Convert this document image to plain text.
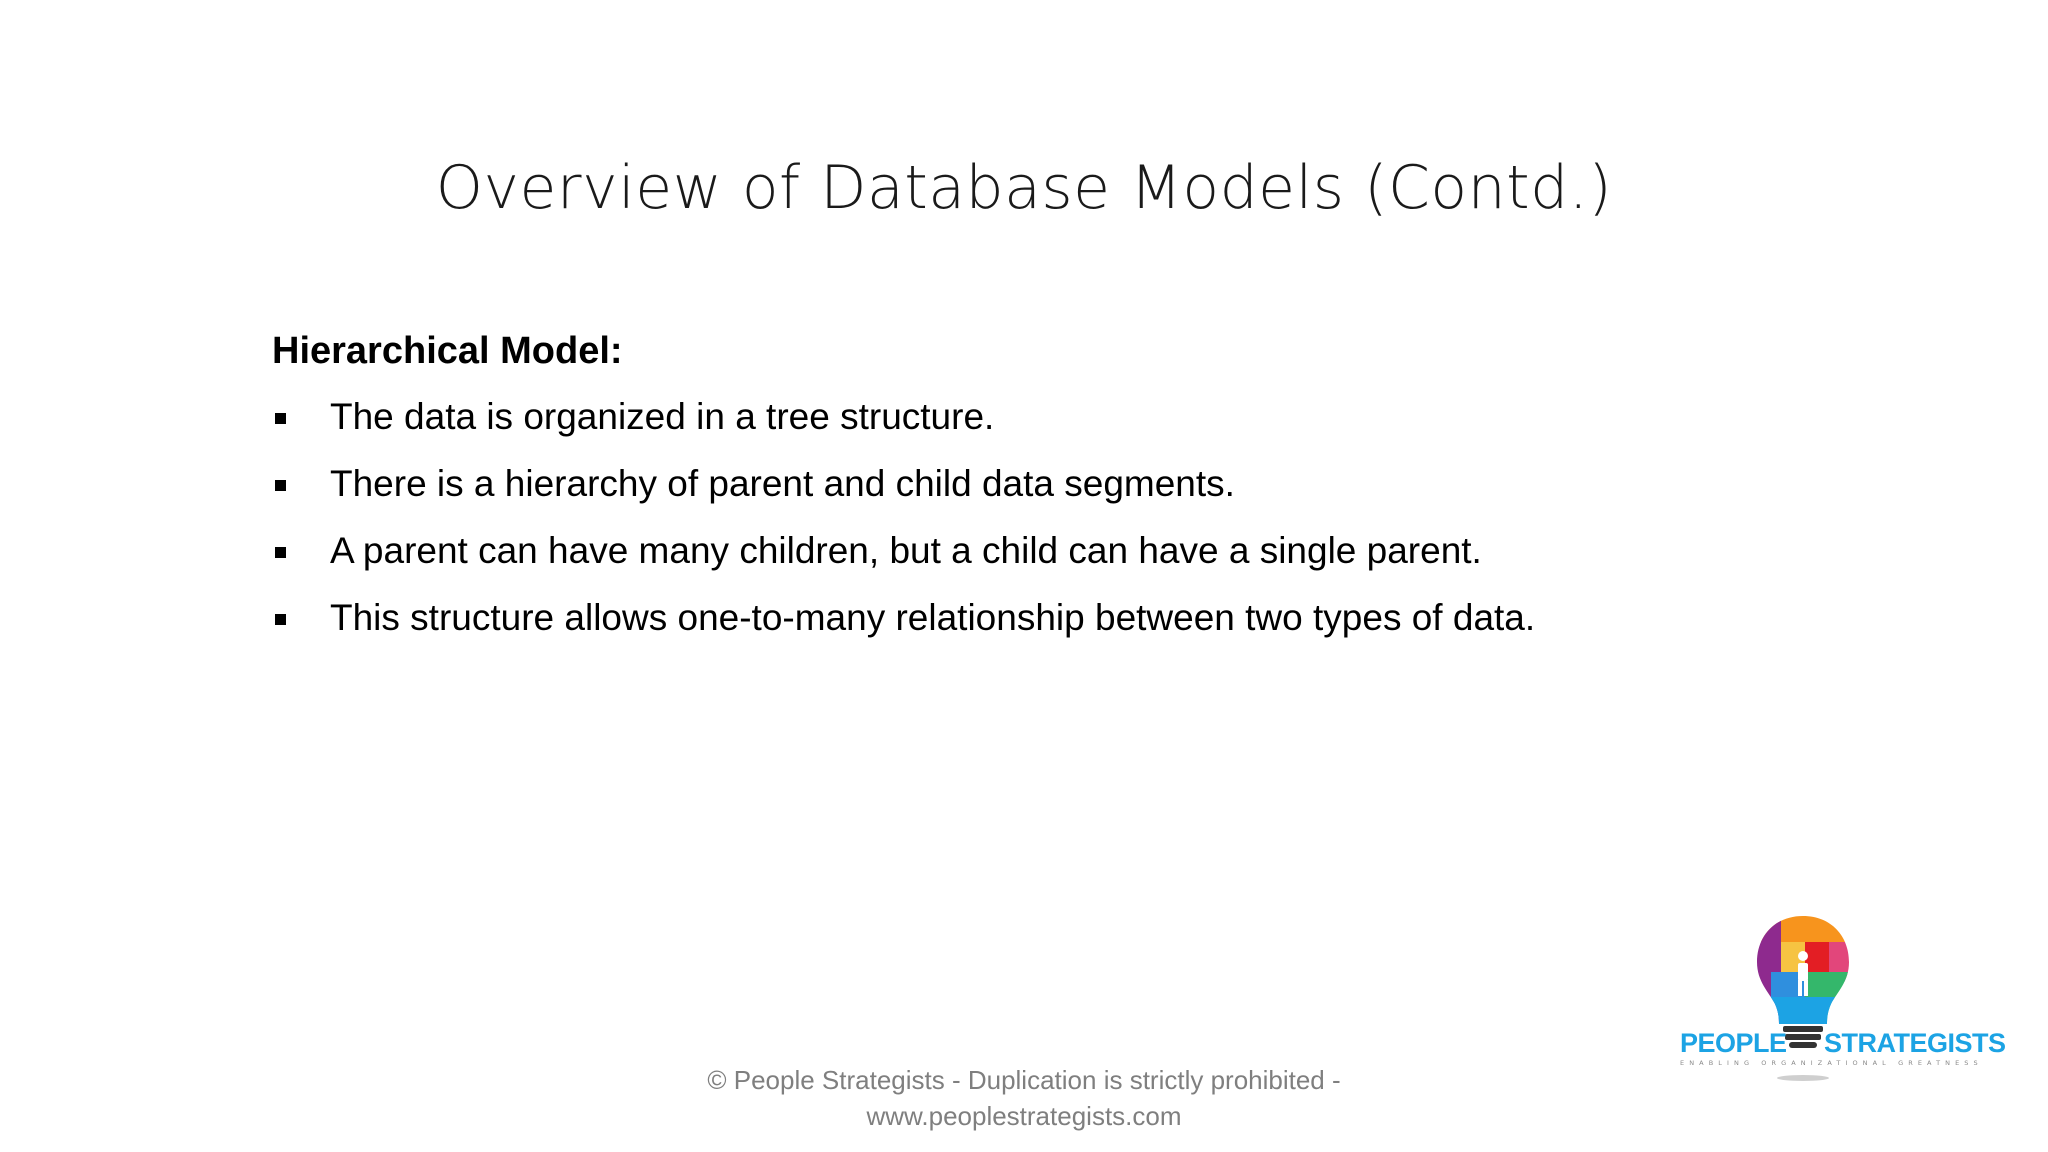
Overview of Database Models (Contd.)
Hierarchical Model:
The data is organized in a tree structure.
There is a hierarchy of parent and child data segments.
A parent can have many children, but a child can have a single parent.
This structure allows one-to-many relationship between two types of data.
© People Strategists - Duplication is strictly prohibited -
www.peoplestrategists.com
PEOPLE STRATEGISTS
ENABLING ORGANIZATIONAL GREATNESS
